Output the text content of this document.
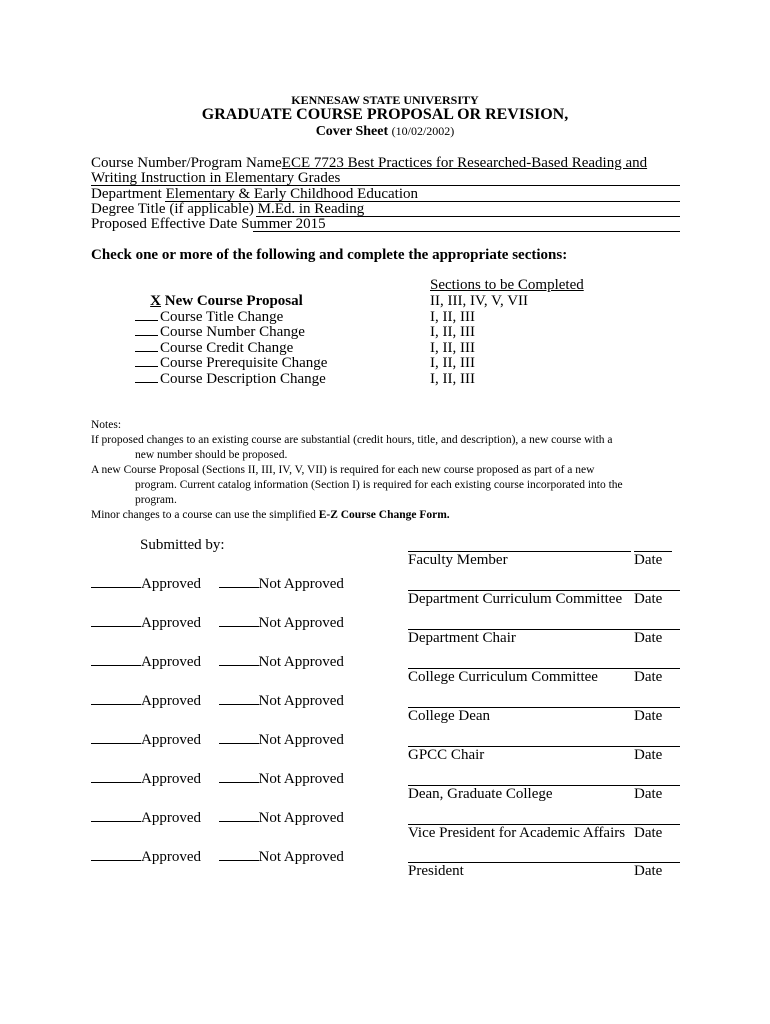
KENNESAW STATE UNIVERSITY
GRADUATE COURSE PROPOSAL OR REVISION,
Cover Sheet (10/02/2002)
Course Number/Program NameECE 7723 Best Practices for Researched-Based Reading and
Writing Instruction in Elementary Grades
Department Elementary & Early Childhood Education
Degree Title (if applicable) M.Ed. in Reading
Proposed Effective Date Summer 2015
Check one or more of the following and complete the appropriate sections:
Sections to be Completed
X New Course Proposal	II, III, IV, V, VII
Course Title Change	I, II, III
Course Number Change	I, II, III
Course Credit Change	I, II, III
Course Prerequisite Change	I, II, III
Course Description Change	I, II, III
Notes:
If proposed changes to an existing course are substantial (credit hours, title, and description), a new course with a
new number should be proposed.
A new Course Proposal (Sections II, III, IV, V, VII) is required for each new course proposed as part of a new
program. Current catalog information (Section I) is required for each existing course incorporated into the
program.
Minor changes to a course can use the simplified E-Z Course Change Form.
Submitted by:
Faculty Member	Date
Approved	Not Approved
Department Curriculum Committee Date
Approved	Not Approved
Department Chair	Date
Approved	Not Approved
College Curriculum Committee Date
Approved	Not Approved
College Dean	Date
Approved	Not Approved
GPCC Chair	Date
Approved	Not Approved
Dean, Graduate College	Date
Approved	Not Approved
Vice President for Academic Affairs Date
Approved	Not Approved
President	Date
